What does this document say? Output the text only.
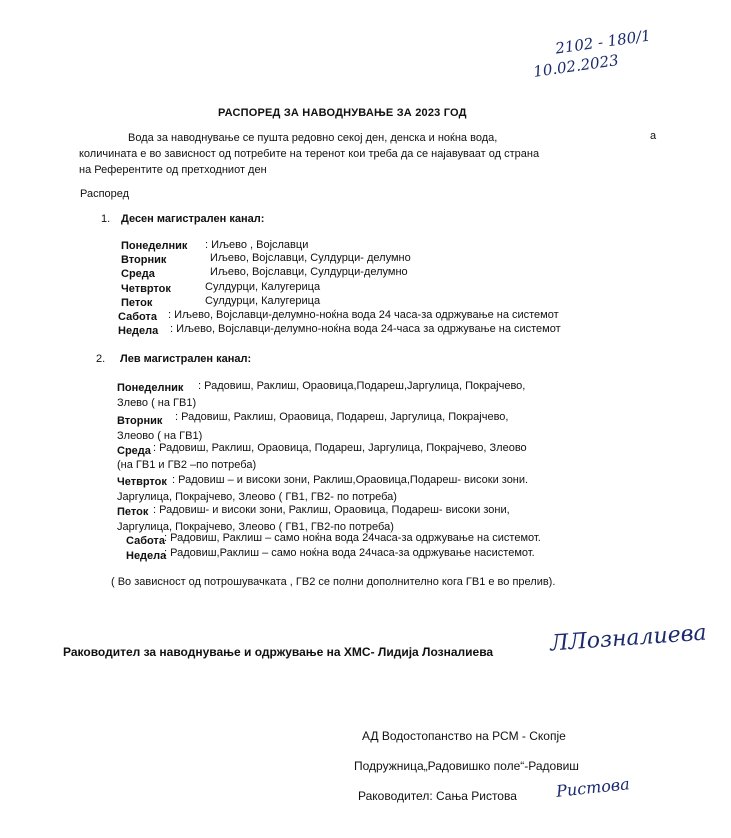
2102 - 180/1
10.02.2023
РАСПОРЕД ЗА НАВОДНУВАЊЕ ЗА 2023 ГОД
Вода за наводнување се пушта редовно секој ден, денска и ноќна вода,	а
количината е во зависност од потребите на теренот кои треба да се најавуваат од страна
на Референтите од претходниот ден
Распоред
1. Десен магистрален канал:
Понеделник : Иљево , Војславци
Вторник	Иљево, Војславци, Сулдурци- делумно
Среда	Иљево, Војславци, Сулдурци-делумно
Четврток	Сулдурци, Калугерица
Петок	Сулдурци, Калугерица
Сабота : Иљево, Војславци-делумно-ноќна вода 24 часа-за одржување на системот
Недела : Иљево, Војславци-делумно-ноќна вода 24-часа за одржување на системот
2. Лев магистрален канал:
Понеделник : Радовиш, Раклиш, Ораовица,Подареш,Јаргулица, Покрајчево,
Злево ( на ГВ1)
Вторник : Радовиш, Раклиш, Ораовица, Подареш, Јаргулица, Покрајчево,
Злеово ( на ГВ1)
Среда : Радовиш, Раклиш, Ораовица, Подареш, Јаргулица, Покрајчево, Злеово
(на ГВ1 и ГВ2 –по потреба)
Четврток : Радовиш – и високи зони, Раклиш,Ораовица,Подареш- високи зони.
Јаргулица, Покрајчево, Злеово ( ГВ1, ГВ2- по потреба)
Петок : Радовиш- и високи зони, Раклиш, Ораовица, Подареш- високи зони,
Јаргулица, Покрајчево, Злеово ( ГВ1, ГВ2-по потреба)
Сабота : Радовиш, Раклиш – само ноќна вода 24часа-за одржување на системот.
Недела
: Радовиш,Раклиш – само ноќна вода 24часа-за одржување насистемот.
( Во зависност од потрошувачката , ГВ2 се полни дополнително кога ГВ1 е во прелив).
Раководител за наводнување и одржување на ХМС- Лидија Лозналиева	ЛЛозналиева
АД Водостопанство на РСМ - Скопје
Подружница„Радовишко поле“-Радовиш
Раководител: Сања Ристова Ристова
